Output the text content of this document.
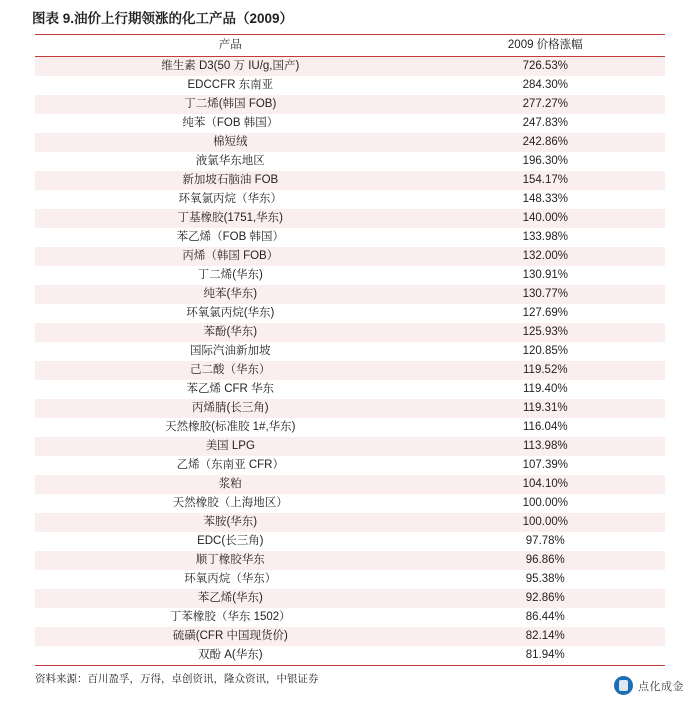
图表 9.油价上行期领涨的化工产品（2009）
产品	2009 价格涨幅
维生素 D3(50 万 IU/g,国产)	726.53%
EDCCFR 东南亚	284.30%
丁二烯(韩国 FOB)	277.27%
纯苯（FOB 韩国）	247.83%
棉短绒	242.86%
液氯华东地区	196.30%
新加坡石脑油 FOB	154.17%
环氧氯丙烷（华东）	148.33%
丁基橡胶(1751,华东)	140.00%
苯乙烯（FOB 韩国）	133.98%
丙烯（韩国 FOB）	132.00%
丁二烯(华东)	130.91%
纯苯(华东)	130.77%
环氧氯丙烷(华东)	127.69%
苯酚(华东)	125.93%
国际汽油新加坡	120.85%
己二酸（华东）	119.52%
苯乙烯 CFR 华东	119.40%
丙烯腈(长三角)	119.31%
天然橡胶(标准胶 1#,华东)	116.04%
美国 LPG	113.98%
乙烯（东南亚 CFR）	107.39%
浆粕	104.10%
天然橡胶（上海地区）	100.00%
苯胺(华东)	100.00%
EDC(长三角)	97.78%
顺丁橡胶华东	96.86%
环氧丙烷（华东）	95.38%
苯乙烯(华东)	92.86%
丁苯橡胶（华东 1502）	86.44%
硫磺(CFR 中国现货价)	82.14%
双酚 A(华东)	81.94%
资料来源：百川盈孚，万得，卓创资讯，隆众资讯，中银证券
点化成金
